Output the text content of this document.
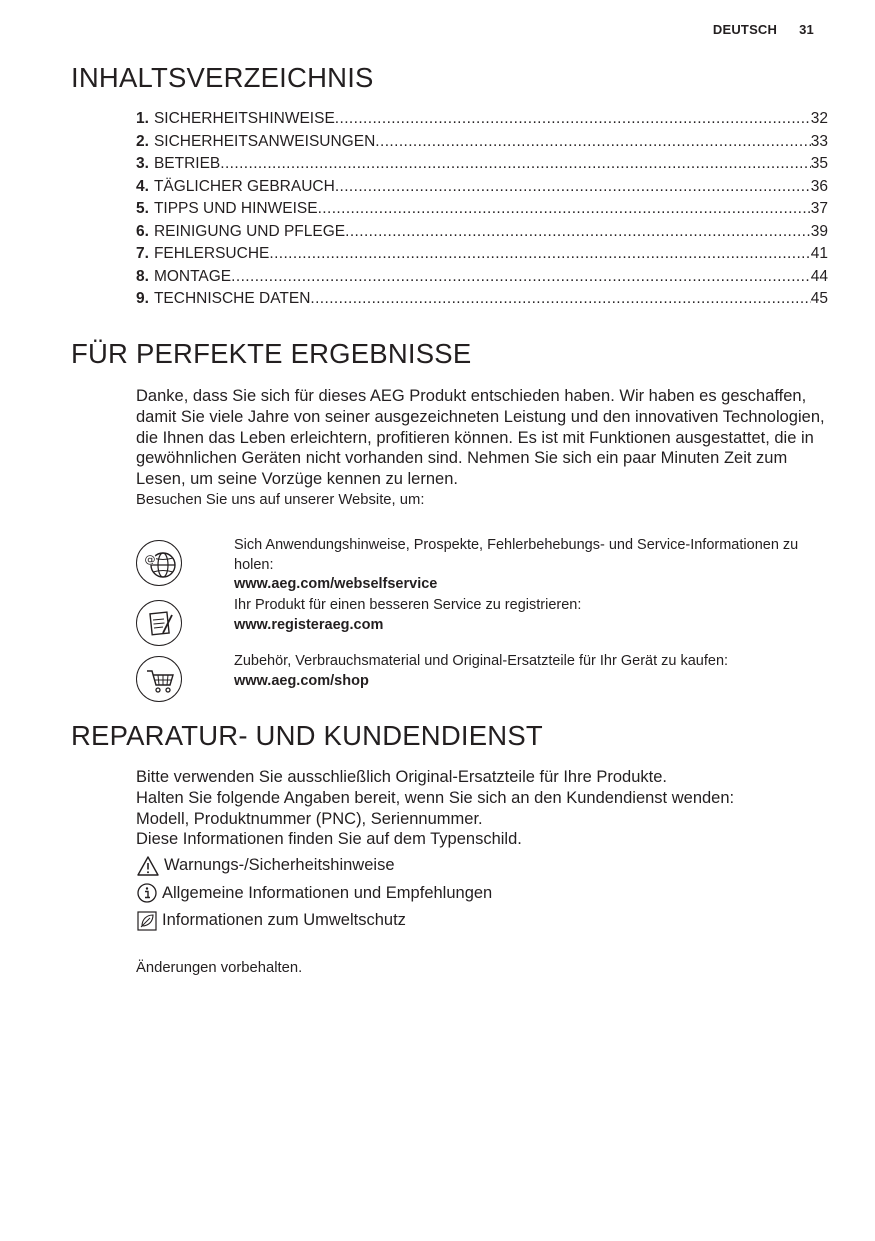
DEUTSCH 31
INHALTSVERZEICHNIS
1. SICHERHEITSHINWEISE .....	32
2. SICHERHEITSANWEISUNGEN .....	33
3. BETRIEB .....	35
4. TÄGLICHER GEBRAUCH .....	36
5. TIPPS UND HINWEISE .....	37
6. REINIGUNG UND PFLEGE .....	39
7. FEHLERSUCHE .....	41
8. MONTAGE .....	44
9. TECHNISCHE DATEN .....	45
FÜR PERFEKTE ERGEBNISSE

Danke, dass Sie sich für dieses AEG Produkt entschieden haben. Wir haben es geschaffen, damit Sie viele Jahre von seiner ausgezeichneten Leistung und den innovativen Technologien, die Ihnen das Leben erleichtern, profitieren können. Es ist mit Funktionen ausgestattet, die in gewöhnlichen Geräten nicht vorhanden sind. Nehmen Sie sich ein paar Minuten Zeit zum Lesen, um seine Vorzüge kennen zu lernen.

Besuchen Sie uns auf unserer Website, um:

@
Sich Anwendungshinweise, Prospekte, Fehlerbehebungs- und Service-Informationen zu holen:
www.aeg.com/webselfservice
Ihr Produkt für einen besseren Service zu registrieren:
www.registeraeg.com
Zubehör, Verbrauchsmaterial und Original-Ersatzteile für Ihr Gerät zu kaufen:
www.aeg.com/shop
REPARATUR- UND KUNDENDIENST

Bitte verwenden Sie ausschließlich Original-Ersatzteile für Ihre Produkte.

Halten Sie folgende Angaben bereit, wenn Sie sich an den Kundendienst wenden: Modell, Produktnummer (PNC), Seriennummer.

Diese Informationen finden Sie auf dem Typenschild.

Warnungs-/Sicherheitshinweise
Allgemeine Informationen und Empfehlungen
Informationen zum Umweltschutz

Änderungen vorbehalten.
